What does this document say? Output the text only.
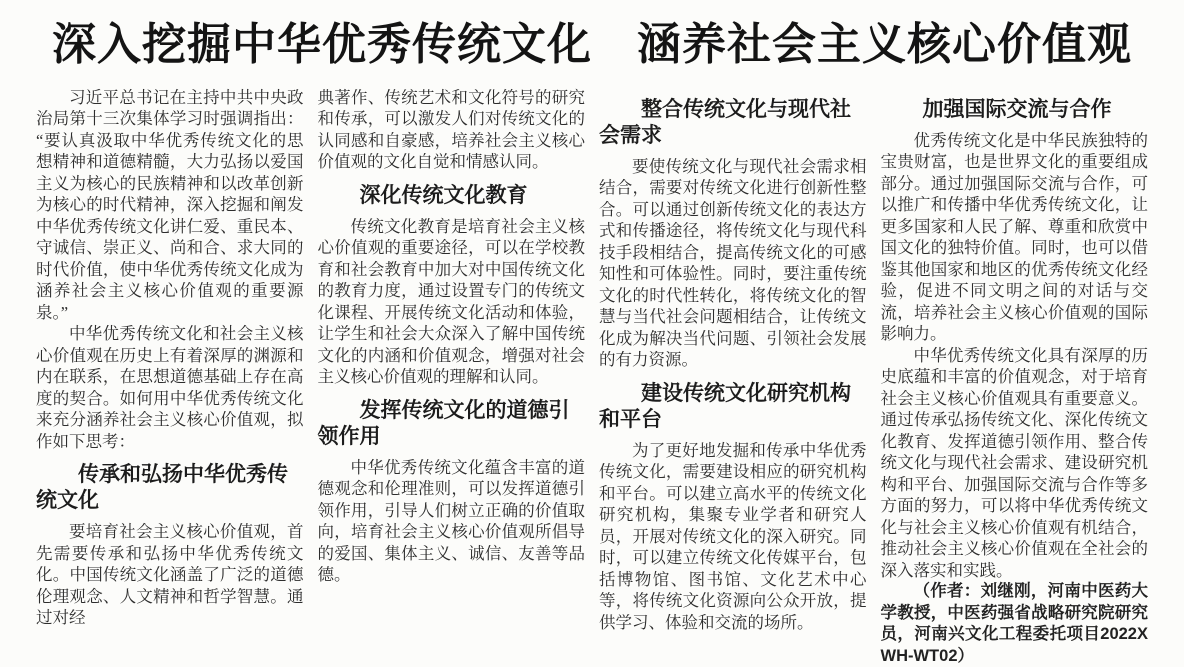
深入挖掘中华优秀传统文化　涵养社会主义核心价值观

习近平总书记在主持中共中央政治局第十三次集体学习时强调指出：“要认真汲取中华优秀传统文化的思想精神和道德精髓，大力弘扬以爱国主义为核心的民族精神和以改革创新为核心的时代精神，深入挖掘和阐发中华优秀传统文化讲仁爱、重民本、守诚信、崇正义、尚和合、求大同的时代价值，使中华优秀传统文化成为涵养社会主义核心价值观的重要源泉。”

中华优秀传统文化和社会主义核心价值观在历史上有着深厚的渊源和内在联系，在思想道德基础上存在高度的契合。如何用中华优秀传统文化来充分涵养社会主义核心价值观，拟作如下思考：

传承和弘扬中华优秀传统文化

要培育社会主义核心价值观，首先需要传承和弘扬中华优秀传统文化。中国传统文化涵盖了广泛的道德伦理观念、人文精神和哲学智慧。通过对经

典著作、传统艺术和文化符号的研究和传承，可以激发人们对传统文化的认同感和自豪感，培养社会主义核心价值观的文化自觉和情感认同。

深化传统文化教育

传统文化教育是培育社会主义核心价值观的重要途径，可以在学校教育和社会教育中加大对中国传统文化的教育力度，通过设置专门的传统文化课程、开展传统文化活动和体验，让学生和社会大众深入了解中国传统文化的内涵和价值观念，增强对社会主义核心价值观的理解和认同。

发挥传统文化的道德引领作用

中华优秀传统文化蕴含丰富的道德观念和伦理准则，可以发挥道德引领作用，引导人们树立正确的价值取向，培育社会主义核心价值观所倡导的爱国、集体主义、诚信、友善等品德。

整合传统文化与现代社会需求

要使传统文化与现代社会需求相结合，需要对传统文化进行创新性整合。可以通过创新传统文化的表达方式和传播途径，将传统文化与现代科技手段相结合，提高传统文化的可感知性和可体验性。同时，要注重传统文化的时代性转化，将传统文化的智慧与当代社会问题相结合，让传统文化成为解决当代问题、引领社会发展的有力资源。

建设传统文化研究机构和平台

为了更好地发掘和传承中华优秀传统文化，需要建设相应的研究机构和平台。可以建立高水平的传统文化研究机构，集聚专业学者和研究人员，开展对传统文化的深入研究。同时，可以建立传统文化传媒平台，包括博物馆、图书馆、文化艺术中心等，将传统文化资源向公众开放，提供学习、体验和交流的场所。

加强国际交流与合作

优秀传统文化是中华民族独特的宝贵财富，也是世界文化的重要组成部分。通过加强国际交流与合作，可以推广和传播中华优秀传统文化，让更多国家和人民了解、尊重和欣赏中国文化的独特价值。同时，也可以借鉴其他国家和地区的优秀传统文化经验，促进不同文明之间的对话与交流，培养社会主义核心价值观的国际影响力。

中华优秀传统文化具有深厚的历史底蕴和丰富的价值观念，对于培育社会主义核心价值观具有重要意义。通过传承弘扬传统文化、深化传统文化教育、发挥道德引领作用、整合传统文化与现代社会需求、建设研究机构和平台、加强国际交流与合作等多方面的努力，可以将中华优秀传统文化与社会主义核心价值观有机结合，推动社会主义核心价值观在全社会的深入落实和实践。

（作者：刘继刚，河南中医药大学教授，中医药强省战略研究院研究员，河南兴文化工程委托项目2022XWH-WT02）
